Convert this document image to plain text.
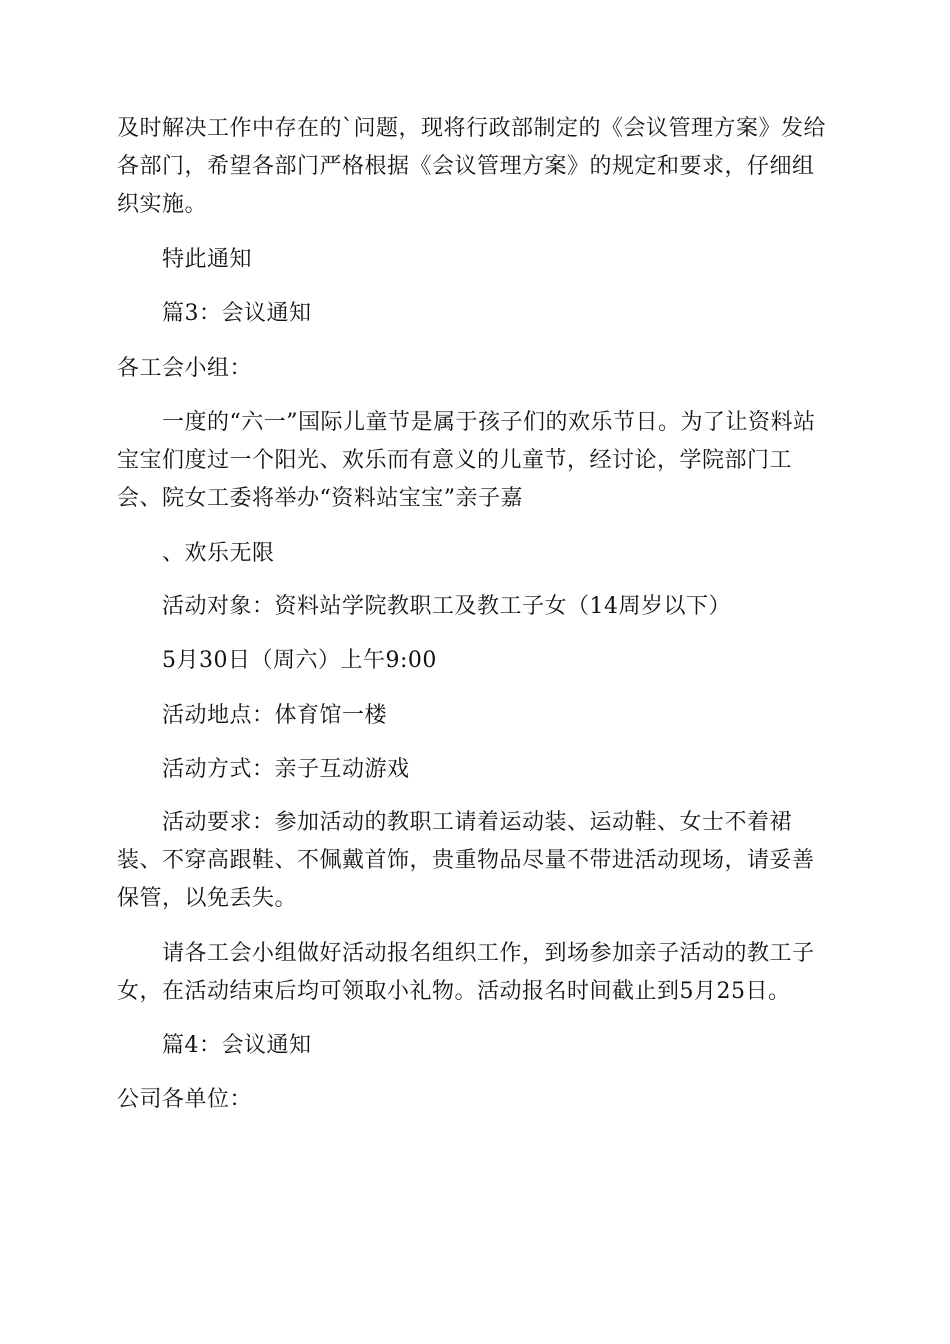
及时解决工作中存在的`问题，现将行政部制定的《会议管理方案》发给各部门，希望各部门严格根据《会议管理方案》的规定和要求，仔细组织实施。

特此通知

篇3：会议通知

各工会小组：

一度的“六一”国际儿童节是属于孩子们的欢乐节日。为了让资料站宝宝们度过一个阳光、欢乐而有意义的儿童节，经讨论，学院部门工会、院女工委将举办“资料站宝宝”亲子嘉

、欢乐无限

活动对象：资料站学院教职工及教工子女（14周岁以下）

5月30日（周六）上午9:00

活动地点：体育馆一楼

活动方式：亲子互动游戏

活动要求：参加活动的教职工请着运动装、运动鞋、女士不着裙装、不穿高跟鞋、不佩戴首饰，贵重物品尽量不带进活动现场，请妥善保管，以免丢失。

请各工会小组做好活动报名组织工作，到场参加亲子活动的教工子女，在活动结束后均可领取小礼物。活动报名时间截止到5月25日。

篇4：会议通知

公司各单位：
